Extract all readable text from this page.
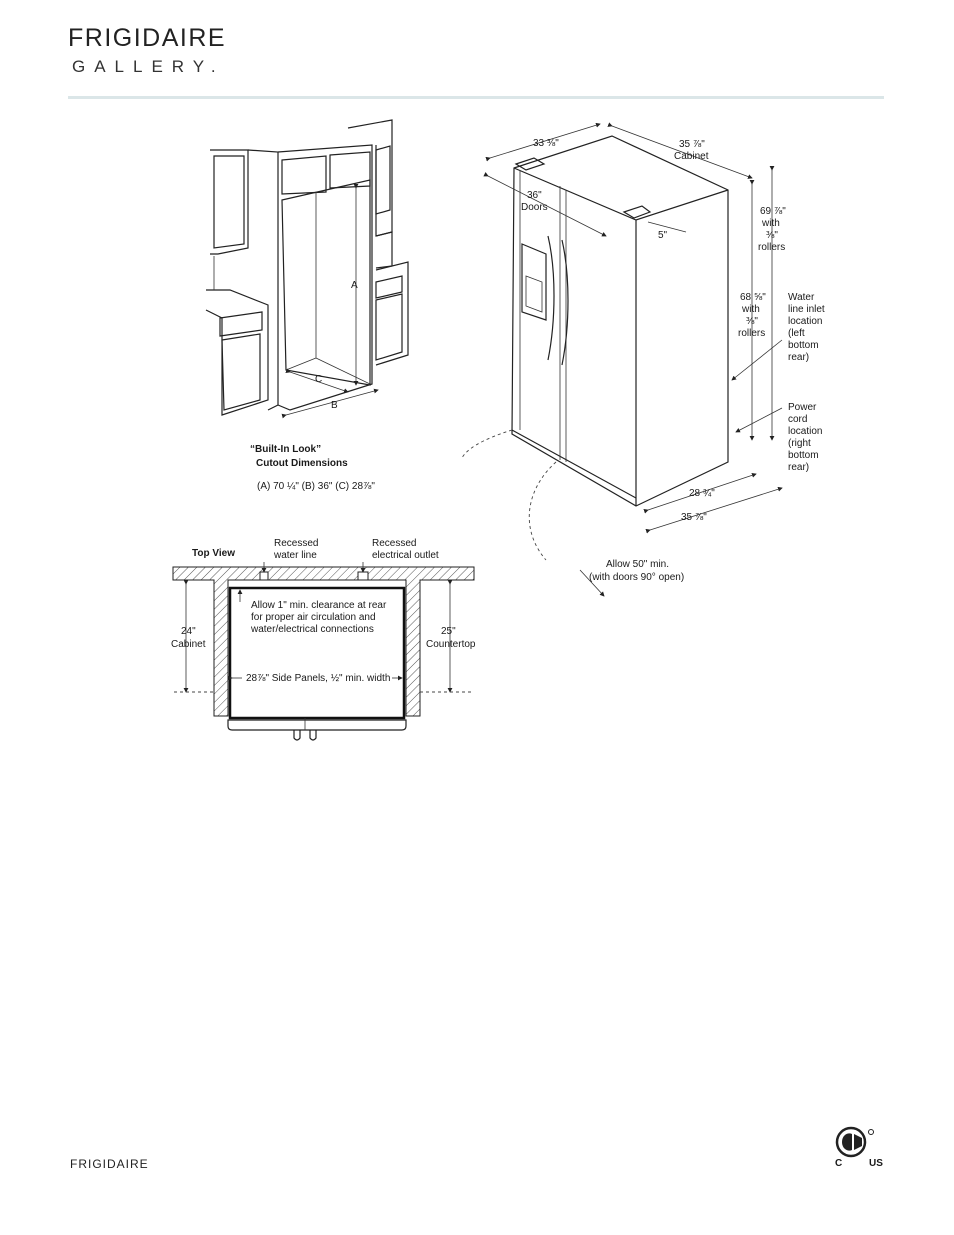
FRIGIDAIRE
GALLERY.
A
B
C
“Built-In Look”
Cutout Dimensions
(A) 70 ¼" (B) 36" (C) 28⅞"
33 ⅜"	35 ⅞"
Cabinet
36"
Doors
5"
69 ⅞"
with
⅜"
rollers
68 ⅝"
with
⅜"
rollers
Water
line inlet
location
(left
bottom
rear)
Power
cord
location
(right
bottom
rear)
28 ¾"
35 ⅞"
Allow 50" min.
(with doors 90° open)
Top View
Recessed
water line
Recessed
electrical outlet
Allow 1" min. clearance at rear
for proper air circulation and
water/electrical connections
24"
Cabinet
25"
Countertop
28⅞" Side Panels, ½" min. width
FRIGIDAIRE	C	US
